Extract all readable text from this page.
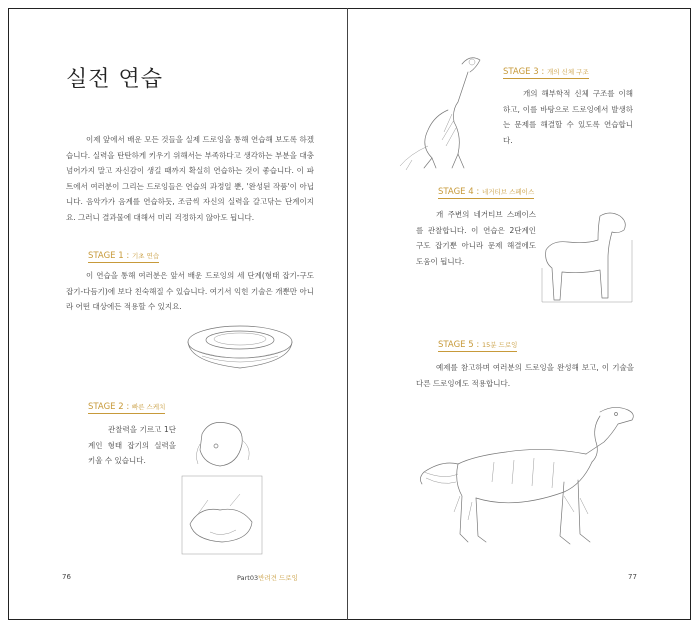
실전 연습
이제 앞에서 배운 모든 것들을 실제 드로잉을 통해 연습해 보도록 하겠습니다. 실력을 탄탄하게 키우기 위해서는 부족하다고 생각하는 부분을 대충 넘어가지 말고 자신감이 생길 때까지 확실히 연습하는 것이 좋습니다. 이 파트에서 여러분이 그리는 드로잉들은 연습의 과정일 뿐, '완성된 작품'이 아닙니다. 음악가가 음계를 연습하듯, 조금씩 자신의 실력을 갈고닦는 단계이지요. 그러니 결과물에 대해서 미리 걱정하지 않아도 됩니다.
STAGE 1 : 기초 연습
이 연습을 통해 여러분은 앞서 배운 드로잉의 세 단계(형태 잡기-구도 잡기-다듬기)에 보다 친숙해질 수 있습니다. 여기서 익힌 기술은 개뿐만 아니라 어떤 대상에든 적용할 수 있지요.
STAGE 2 : 빠른 스케치
관찰력을 기르고 1단계인 형태 잡기의 실력을 키울 수 있습니다.
76	Part03반려견 드로잉
STAGE 3 : 개의 신체 구조
개의 해부학적 신체 구조를 이해하고, 이를 바탕으로 드로잉에서 발생하는 문제를 해결할 수 있도록 연습합니다.
STAGE 4 : 네거티브 스페이스
개 주변의 네거티브 스페이스를 관찰합니다. 이 연습은 2단계인 구도 잡기뿐 아니라 문제 해결에도 도움이 됩니다.
STAGE 5 : 15분 드로잉
예제를 참고하며 여러분의 드로잉을 완성해 보고, 이 기술을 다른 드로잉에도 적용합니다.
77
